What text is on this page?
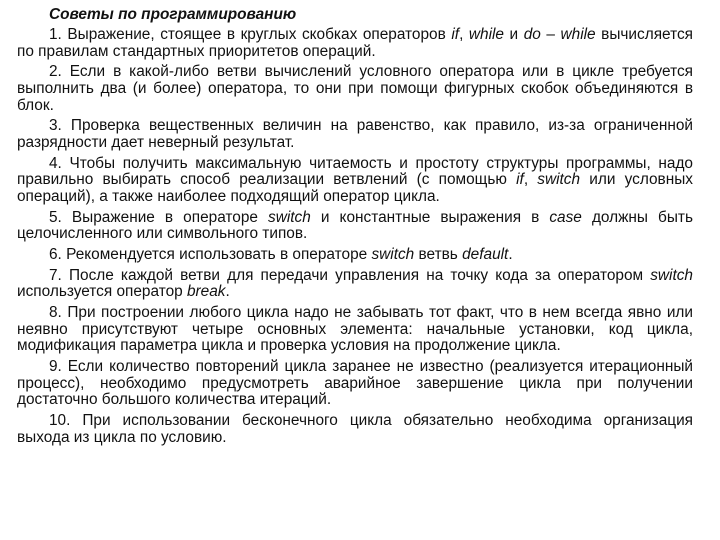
Советы по программированию
1. Выражение, стоящее в круглых скобках операторов if, while и do – while вычисляется по правилам стандартных приоритетов операций.
2. Если в какой-либо ветви вычислений условного оператора или в цикле требуется выполнить два (и более) оператора, то они при помощи фигурных скобок объединяются в блок.
3. Проверка вещественных величин на равенство, как правило, из-за ограниченной разрядности дает неверный результат.
4. Чтобы получить максимальную читаемость и простоту структуры программы, надо правильно выбирать способ реализации ветвлений (с помощью if, switch или условных операций), а также наиболее подходящий оператор цикла.
5. Выражение в операторе switch и константные выражения в case должны быть целочисленного или символьного типов.
6. Рекомендуется использовать в операторе switch ветвь default.
7. После каждой ветви для передачи управления на точку кода за оператором switch используется оператор break.
8. При построении любого цикла надо не забывать тот факт, что в нем всегда явно или неявно присутствуют четыре основных элемента: начальные установки, код цикла, модификация параметра цикла и проверка условия на продолжение цикла.
9. Если количество повторений цикла заранее не известно (реализуется итерационный процесс), необходимо предусмотреть аварийное завершение цикла при получении достаточно большого количества итераций.
10. При использовании бесконечного цикла обязательно необходима организация выхода из цикла по условию.
